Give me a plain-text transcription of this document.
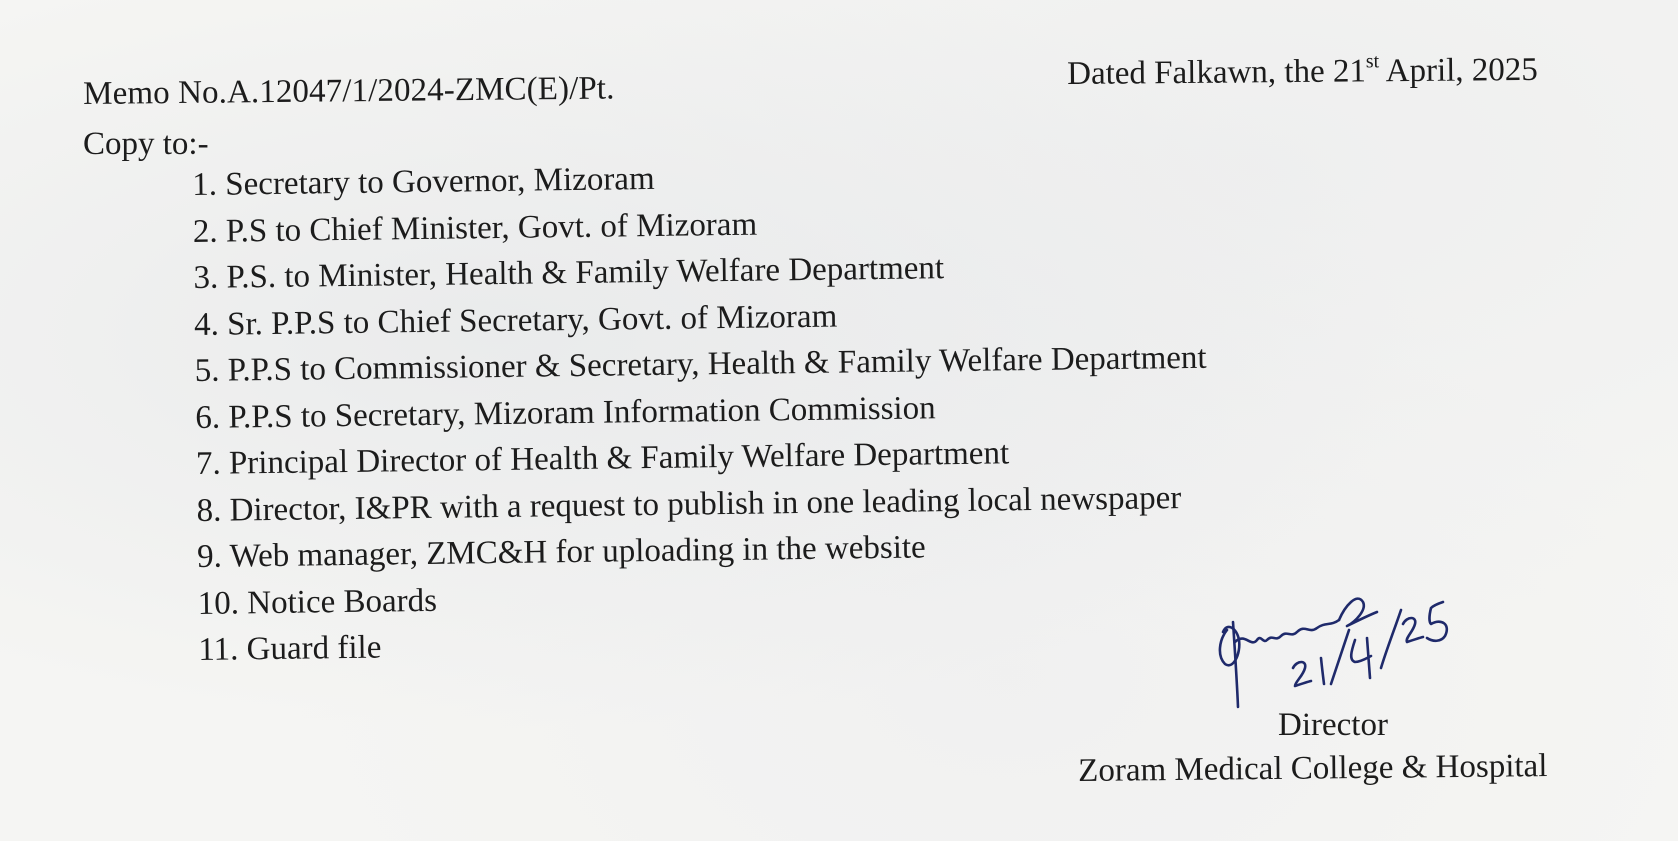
Memo No.A.12047/1/2024-ZMC(E)/Pt.	Dated Falkawn, the 21st April, 2025
Copy to:-
1. Secretary to Governor, Mizoram
2. P.S to Chief Minister, Govt. of Mizoram
3. P.S. to Minister, Health & Family Welfare Department
4. Sr. P.P.S to Chief Secretary, Govt. of Mizoram
5. P.P.S to Commissioner & Secretary, Health & Family Welfare Department
6. P.P.S to Secretary, Mizoram Information Commission
7. Principal Director of Health & Family Welfare Department
8. Director, I&PR with a request to publish in one leading local newspaper
9. Web manager, ZMC&H for uploading in the website
10. Notice Boards
11. Guard file
Director
Zoram Medical College & Hospital
